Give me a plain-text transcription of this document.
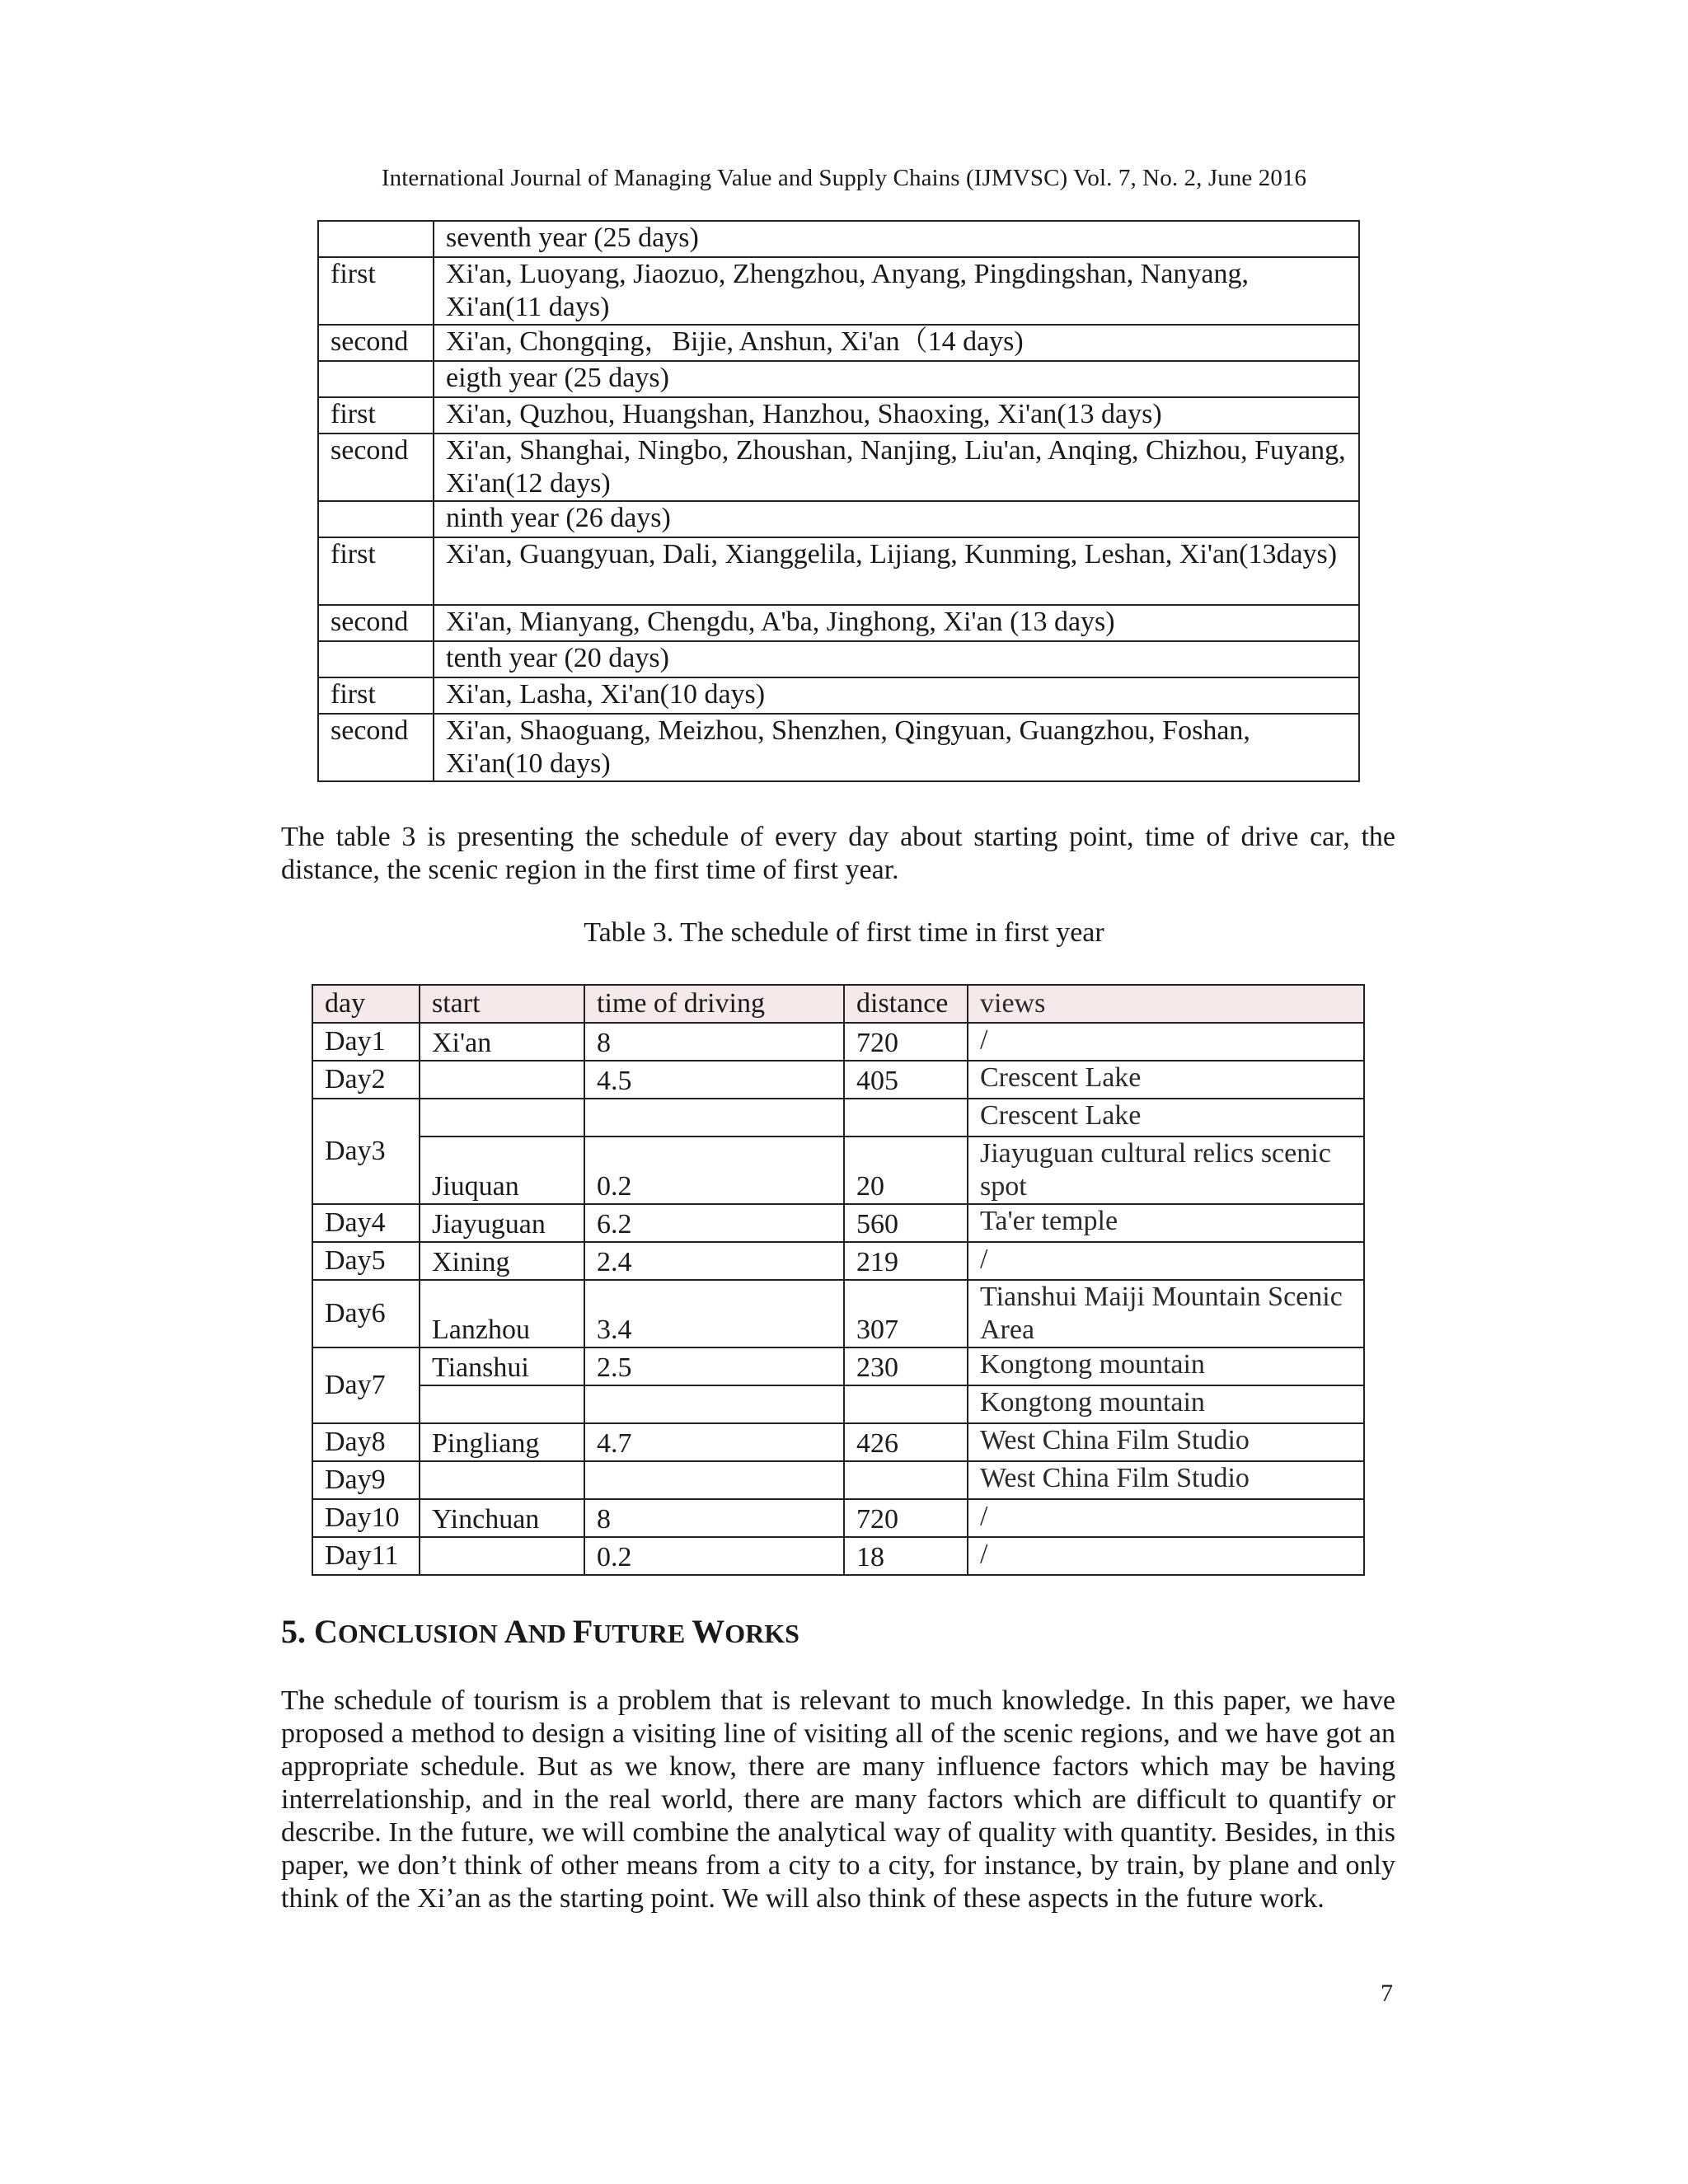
International Journal of Managing Value and Supply Chains (IJMVSC) Vol. 7, No. 2, June 2016
	seventh year (25 days)
first	Xi'an, Luoyang, Jiaozuo, Zhengzhou, Anyang, Pingdingshan, Nanyang, Xi'an(11 days)
second	Xi'an, Chongqing，Bijie, Anshun, Xi'an（14 days)
	eigth year (25 days)
first	Xi'an, Quzhou, Huangshan, Hanzhou, Shaoxing, Xi'an(13 days)
second	Xi'an, Shanghai, Ningbo, Zhoushan, Nanjing, Liu'an, Anqing, Chizhou, Fuyang, Xi'an(12 days)
	ninth year (26 days)
first	Xi'an, Guangyuan, Dali, Xianggelila, Lijiang, Kunming, Leshan, Xi'an(13days)
second	Xi'an, Mianyang, Chengdu, A'ba, Jinghong, Xi'an (13 days)
	tenth year (20 days)
first	Xi'an, Lasha, Xi'an(10 days)
second	Xi'an, Shaoguang, Meizhou, Shenzhen, Qingyuan, Guangzhou, Foshan, Xi'an(10 days)

The table 3 is presenting the schedule of every day about starting point, time of drive car, the distance, the scenic region in the first time of first year.

Table 3. The schedule of first time in first year
day	start	time of driving	distance	views
Day1	Xi'an	8	720	/
Day2		4.5	405	Crescent Lake
Day3				Crescent Lake
	Jiuquan	0.2	20	Jiayuguan cultural relics scenic spot
Day4	Jiayuguan	6.2	560	Ta'er temple
Day5	Xining	2.4	219	/
Day6	Lanzhou	3.4	307	Tianshui Maiji Mountain Scenic Area
Day7	Tianshui	2.5	230	Kongtong mountain
				Kongtong mountain
Day8	Pingliang	4.7	426	West China Film Studio
Day9				West China Film Studio
Day10	Yinchuan	8	720	/
Day11		0.2	18	/
5. CONCLUSION AND FUTURE WORKS

The schedule of tourism is a problem that is relevant to much knowledge. In this paper, we have proposed a method to design a visiting line of visiting all of the scenic regions, and we have got an appropriate schedule. But as we know, there are many influence factors which may be having interrelationship, and in the real world, there are many factors which are difficult to quantify or describe. In the future, we will combine the analytical way of quality with quantity. Besides, in this paper, we don’t think of other means from a city to a city, for instance, by train, by plane and only think of the Xi’an as the starting point. We will also think of these aspects in the future work.

7
